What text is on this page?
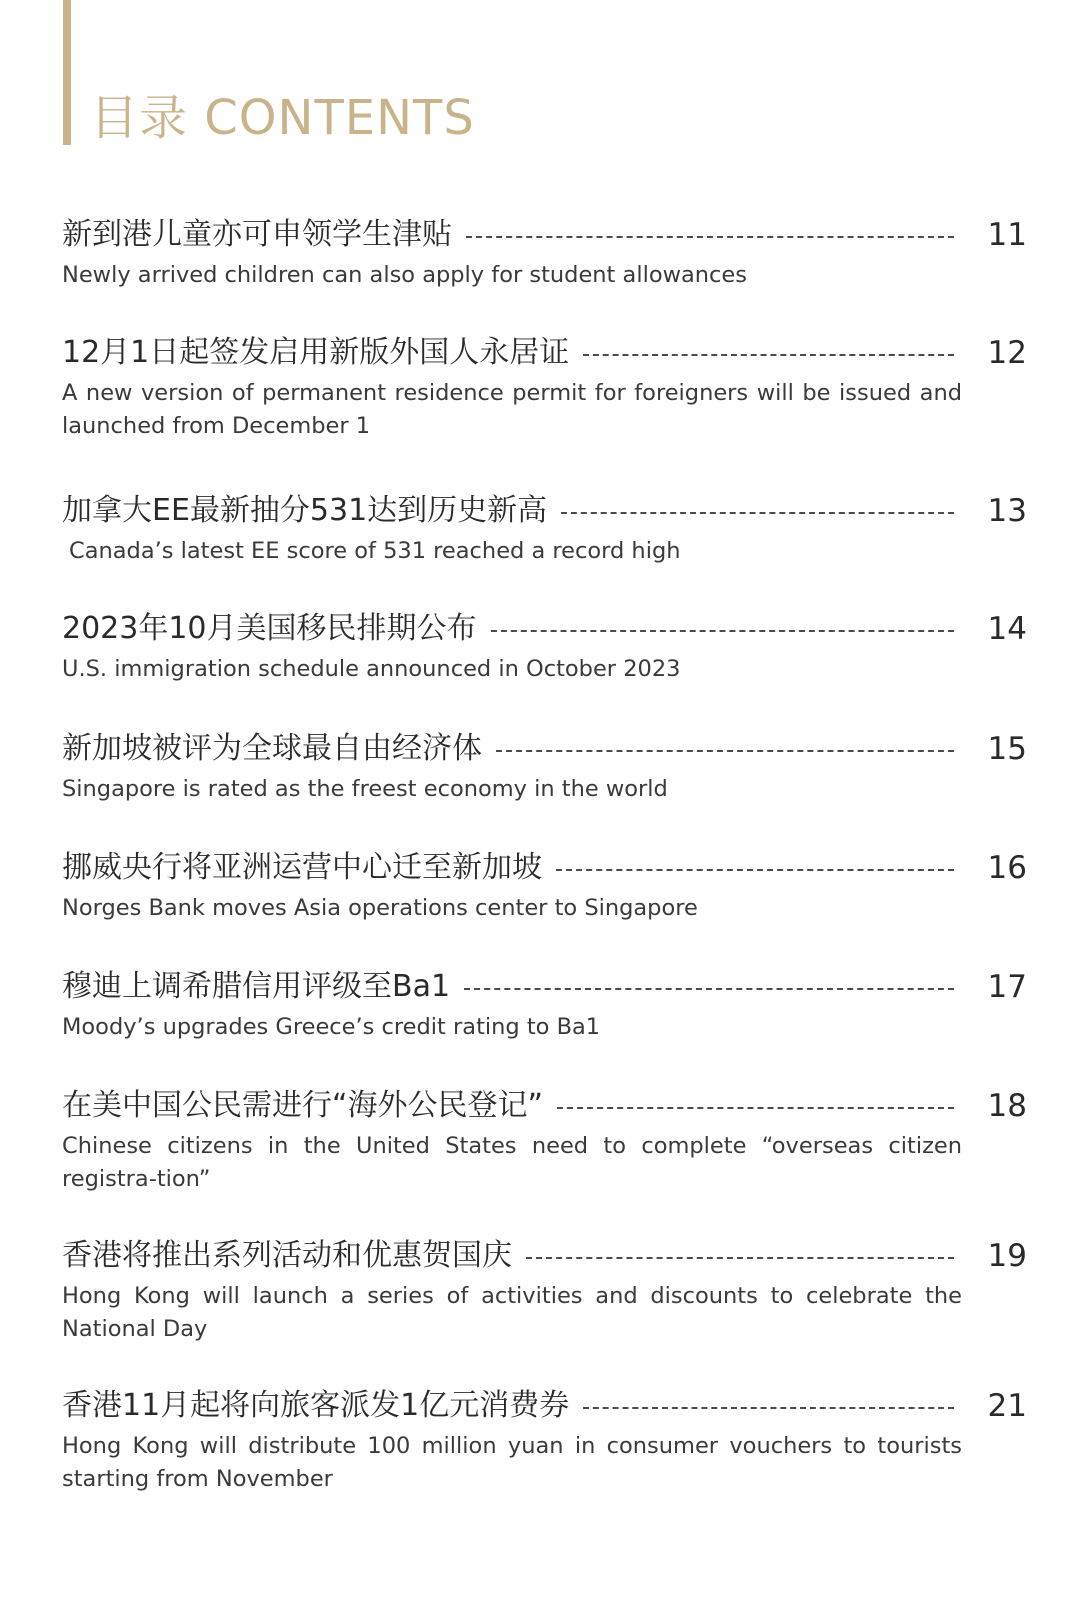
目录 CONTENTS
新到港儿童亦可申领学生津贴	11
Newly arrived children can also apply for student allowances
12月1日起签发启用新版外国人永居证	12
A new version of permanent residence permit for foreigners will be issued and launched from December 1
加拿大EE最新抽分531达到历史新高	13
Canada’s latest EE score of 531 reached a record high
2023年10月美国移民排期公布	14
U.S. immigration schedule announced in October 2023
新加坡被评为全球最自由经济体	15
Singapore is rated as the freest economy in the world
挪威央行将亚洲运营中心迁至新加坡	16
Norges Bank moves Asia operations center to Singapore
穆迪上调希腊信用评级至Ba1	17
Moody’s upgrades Greece’s credit rating to Ba1
在美中国公民需进行“海外公民登记”	18
Chinese citizens in the United States need to complete “overseas citizen registra-tion”
香港将推出系列活动和优惠贺国庆	19
Hong Kong will launch a series of activities and discounts to celebrate the National Day
香港11月起将向旅客派发1亿元消费券	21
Hong Kong will distribute 100 million yuan in consumer vouchers to tourists starting from November
